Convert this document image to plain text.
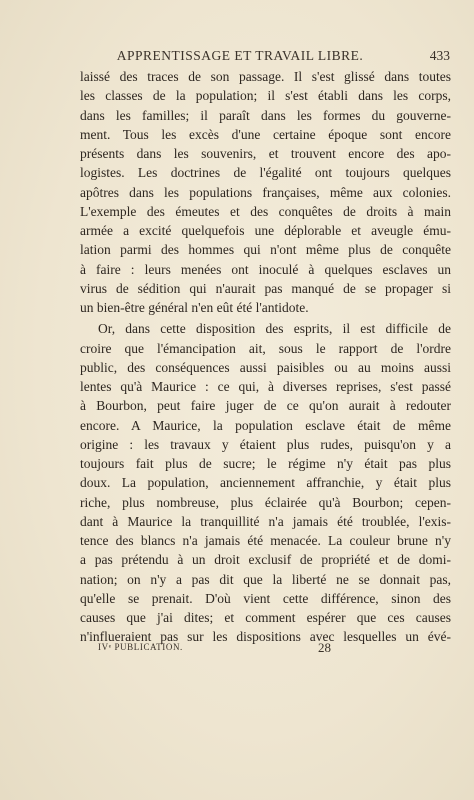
APPRENTISSAGE ET TRAVAIL LIBRE.	433
laissé des traces de son passage. Il s'est glissé dans toutes
les classes de la population; il s'est établi dans les corps,
dans les familles; il paraît dans les formes du gouverne-
ment. Tous les excès d'une certaine époque sont encore
présents dans les souvenirs, et trouvent encore des apo-
logistes. Les doctrines de l'égalité ont toujours quelques
apôtres dans les populations françaises, même aux colonies.
L'exemple des émeutes et des conquêtes de droits à main
armée a excité quelquefois une déplorable et aveugle ému-
lation parmi des hommes qui n'ont même plus de conquête
à faire : leurs menées ont inoculé à quelques esclaves un
virus de sédition qui n'aurait pas manqué de se propager si
un bien-être général n'en eût été l'antidote.
Or, dans cette disposition des esprits, il est difficile de
croire que l'émancipation ait, sous le rapport de l'ordre
public, des conséquences aussi paisibles ou au moins aussi
lentes qu'à Maurice : ce qui, à diverses reprises, s'est passé
à Bourbon, peut faire juger de ce qu'on aurait à redouter
encore. A Maurice, la population esclave était de même
origine : les travaux y étaient plus rudes, puisqu'on y a
toujours fait plus de sucre; le régime n'y était pas plus
doux. La population, anciennement affranchie, y était plus
riche, plus nombreuse, plus éclairée qu'à Bourbon; cepen-
dant à Maurice la tranquillité n'a jamais été troublée, l'exis-
tence des blancs n'a jamais été menacée. La couleur brune n'y
a pas prétendu à un droit exclusif de propriété et de domi-
nation; on n'y a pas dit que la liberté ne se donnait pas,
qu'elle se prenait. D'où vient cette différence, sinon des
causes que j'ai dites; et comment espérer que ces causes
n'influeraient pas sur les dispositions avec lesquelles un évé-
IVᵉ PUBLICATION.	28
